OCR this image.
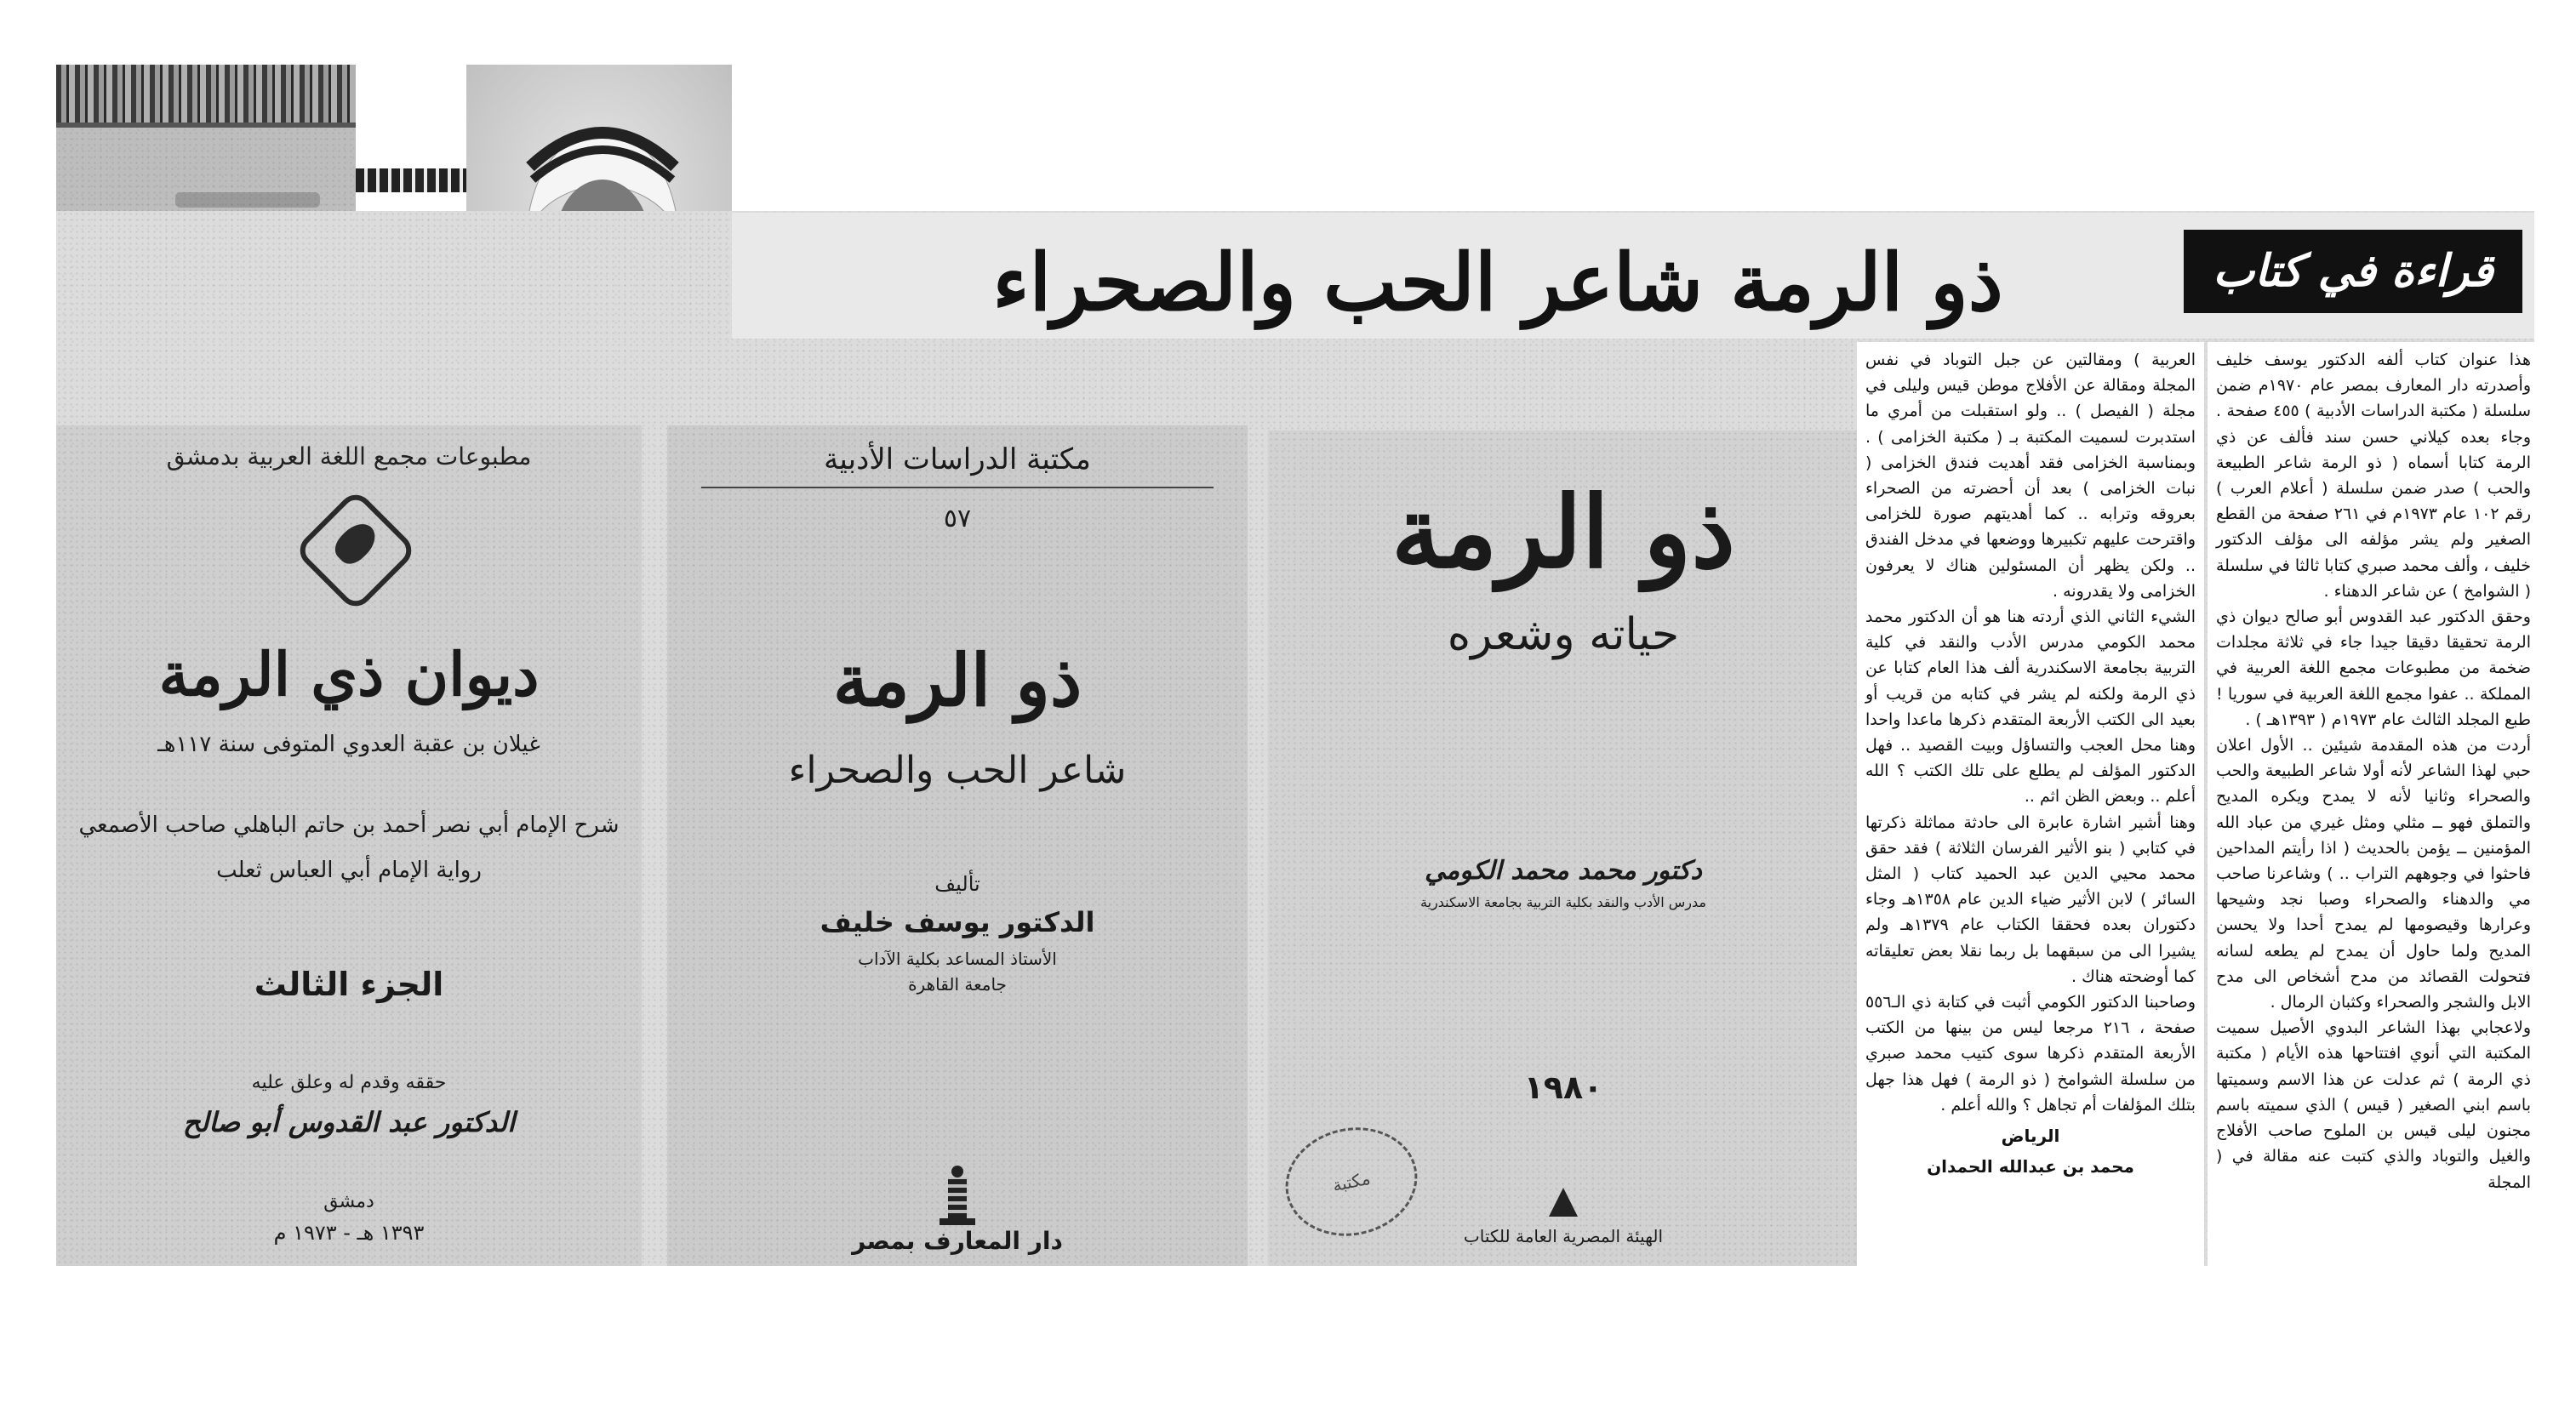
قراءة في كتاب
ذو الرمة شاعر الحب والصحراء
مطبوعات مجمع اللغة العربية بدمشق
ديوان ذي الرمة
غيلان بن عقبة العدوي المتوفى سنة ١١٧هـ
شرح الإمام أبي نصر أحمد بن حاتم الباهلي صاحب الأصمعي
رواية الإمام أبي العباس ثعلب
الجزء الثالث
حققه وقدم له وعلق عليه
الدكتور عبد القدوس أبو صالح
دمشق
١٣٩٣ هـ - ١٩٧٣ م
مكتبة الدراسات الأدبية
٥٧
ذو الرمة
شاعر الحب والصحراء
تأليف
الدكتور يوسف خليف
الأستاذ المساعد بكلية الآداب
جامعة القاهرة
دار المعارف بمصر
ذو الرمة
حياته وشعره
دكتور محمد محمد الكومي
مدرس الأدب والنقد بكلية التربية بجامعة الاسكندرية
١٩٨٠
مكتبة
الهيئة المصرية العامة للكتاب

العربية ) ومقالتين عن جبل التوباد في نفس المجلة ومقالة عن الأفلاج موطن قيس وليلى في مجلة ( الفيصل ) .. ولو استقبلت من أمري ما استدبرت لسميت المكتبة بـ ( مكتبة الخزامى ) . وبمناسبة الخزامى فقد أهديت فندق الخزامى ( نبات الخزامى ) بعد أن أحضرته من الصحراء بعروقه وترابه .. كما أهديتهم صورة للخزامى واقترحت عليهم تكبيرها ووضعها في مدخل الفندق .. ولكن يظهر أن المسئولين هناك لا يعرفون الخزامى ولا يقدرونه .

الشيء الثاني الذي أردته هنا هو أن الدكتور محمد محمد الكومي مدرس الأدب والنقد في كلية التربية بجامعة الاسكندرية ألف هذا العام كتابا عن ذي الرمة ولكنه لم يشر في كتابه من قريب أو بعيد الى الكتب الأربعة المتقدم ذكرها ماعدا واحدا وهنا محل العجب والتساؤل وبيت القصيد .. فهل الدكتور المؤلف لم يطلع على تلك الكتب ؟ الله أعلم .. وبعض الظن اثم ..

وهنا أشير اشارة عابرة الى حادثة مماثلة ذكرتها في كتابي ( بنو الأثير الفرسان الثلاثة ) فقد حقق محمد محيي الدين عبد الحميد كتاب ( المثل السائر ) لابن الأثير ضياء الدين عام ١٣٥٨هـ وجاء دكتوران بعده فحققا الكتاب عام ١٣٧٩هـ ولم يشيرا الى من سبقهما بل ربما نقلا بعض تعليقاته كما أوضحته هناك .

وصاحبنا الدكتور الكومي أثبت في كتابة ذي الـ٥٥٦ صفحة ، ٢١٦ مرجعا ليس من بينها من الكتب الأربعة المتقدم ذكرها سوى كتيب محمد صبري من سلسلة الشوامخ ( ذو الرمة ) فهل هذا جهل بتلك المؤلفات أم تجاهل ؟ والله أعلم .

الرياض
محمد بن عبدالله الحمدان

هذا عنوان كتاب ألفه الدكتور يوسف خليف وأصدرته دار المعارف بمصر عام ١٩٧٠م ضمن سلسلة ( مكتبة الدراسات الأدبية ) ٤٥٥ صفحة . وجاء بعده كيلاني حسن سند فألف عن ذي الرمة كتابا أسماه ( ذو الرمة شاعر الطبيعة والحب ) صدر ضمن سلسلة ( أعلام العرب ) رقم ١٠٢ عام ١٩٧٣م في ٢٦١ صفحة من القطع الصغير ولم يشر مؤلفه الى مؤلف الدكتور خليف ، وألف محمد صبري كتابا ثالثا في سلسلة ( الشوامخ ) عن شاعر الدهناء .

وحقق الدكتور عبد القدوس أبو صالح ديوان ذي الرمة تحقيقا دقيقا جيدا جاء في ثلاثة مجلدات ضخمة من مطبوعات مجمع اللغة العربية في المملكة .. عفوا مجمع اللغة العربية في سوريا ! طبع المجلد الثالث عام ١٩٧٣م ( ١٣٩٣هـ ) .

أردت من هذه المقدمة شيئين .. الأول اعلان حبي لهذا الشاعر لأنه أولا شاعر الطبيعة والحب والصحراء وثانيا لأنه لا يمدح ويكره المديح والتملق فهو ــ مثلي ومثل غيري من عباد الله المؤمنين ــ يؤمن بالحديث ( اذا رأيتم المداحين فاحثوا في وجوههم التراب .. ) وشاعرنا صاحب مي والدهناء والصحراء وصبا نجد وشيحها وعرارها وقيصومها لم يمدح أحدا ولا يحسن المديح ولما حاول أن يمدح لم يطعه لسانه فتحولت القصائد من مدح أشخاص الى مدح الابل والشجر والصحراء وكثبان الرمال .

ولاعجابي بهذا الشاعر البدوي الأصيل سميت المكتبة التي أنوي افتتاحها هذه الأيام ( مكتبة ذي الرمة ) ثم عدلت عن هذا الاسم وسميتها باسم ابني الصغير ( قيس ) الذي سميته باسم مجنون ليلى قيس بن الملوح صاحب الأفلاج والغيل والتوباد والذي كتبت عنه مقالة في ( المجلة
